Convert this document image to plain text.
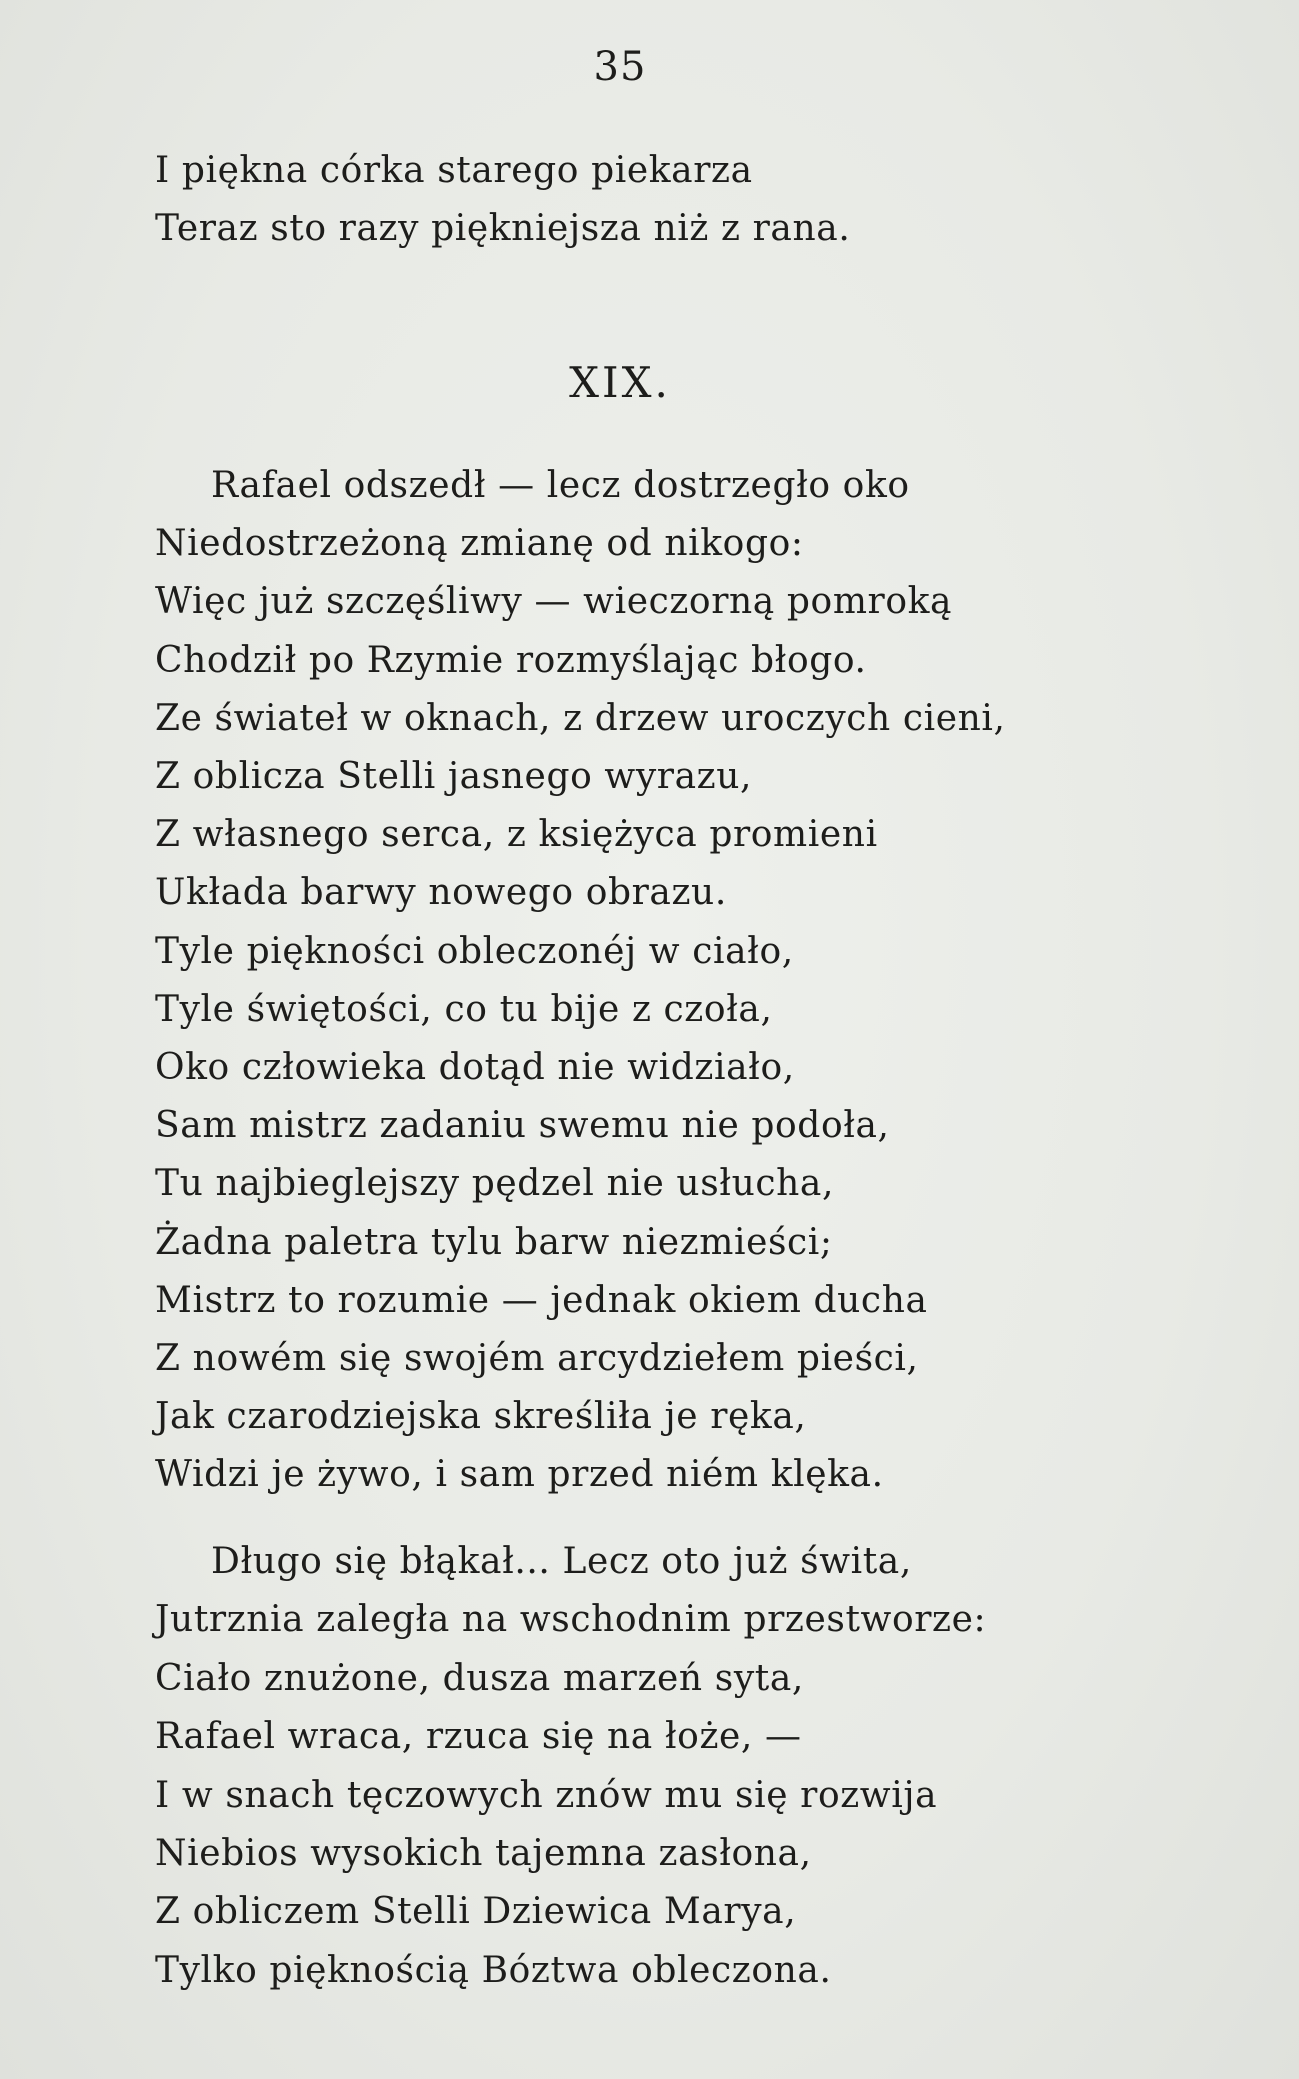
35
I piękna córka starego piekarza
Teraz sto razy piękniejsza niż z rana.
XIX.
Rafael odszedł — lecz dostrzegło oko
Niedostrzeżoną zmianę od nikogo:
Więc już szczęśliwy — wieczorną pomroką
Chodził po Rzymie rozmyślając błogo.
Ze świateł w oknach, z drzew uroczych cieni,
Z oblicza Stelli jasnego wyrazu,
Z własnego serca, z księżyca promieni
Układa barwy nowego obrazu.
Tyle piękności obleczonéj w ciało,
Tyle świętości, co tu bije z czoła,
Oko człowieka dotąd nie widziało,
Sam mistrz zadaniu swemu nie podoła,
Tu najbieglejszy pędzel nie usłucha,
Żadna paletra tylu barw niezmieści;
Mistrz to rozumie — jednak okiem ducha
Z nowém się swojém arcydziełem pieści,
Jak czarodziejska skreśliła je ręka,
Widzi je żywo, i sam przed niém klęka.
Długo się błąkał... Lecz oto już świta,
Jutrznia zaległa na wschodnim przestworze:
Ciało znużone, dusza marzeń syta,
Rafael wraca, rzuca się na łoże, —
I w snach tęczowych znów mu się rozwija
Niebios wysokich tajemna zasłona,
Z obliczem Stelli Dziewica Marya,
Tylko pięknością Bóztwa obleczona.
